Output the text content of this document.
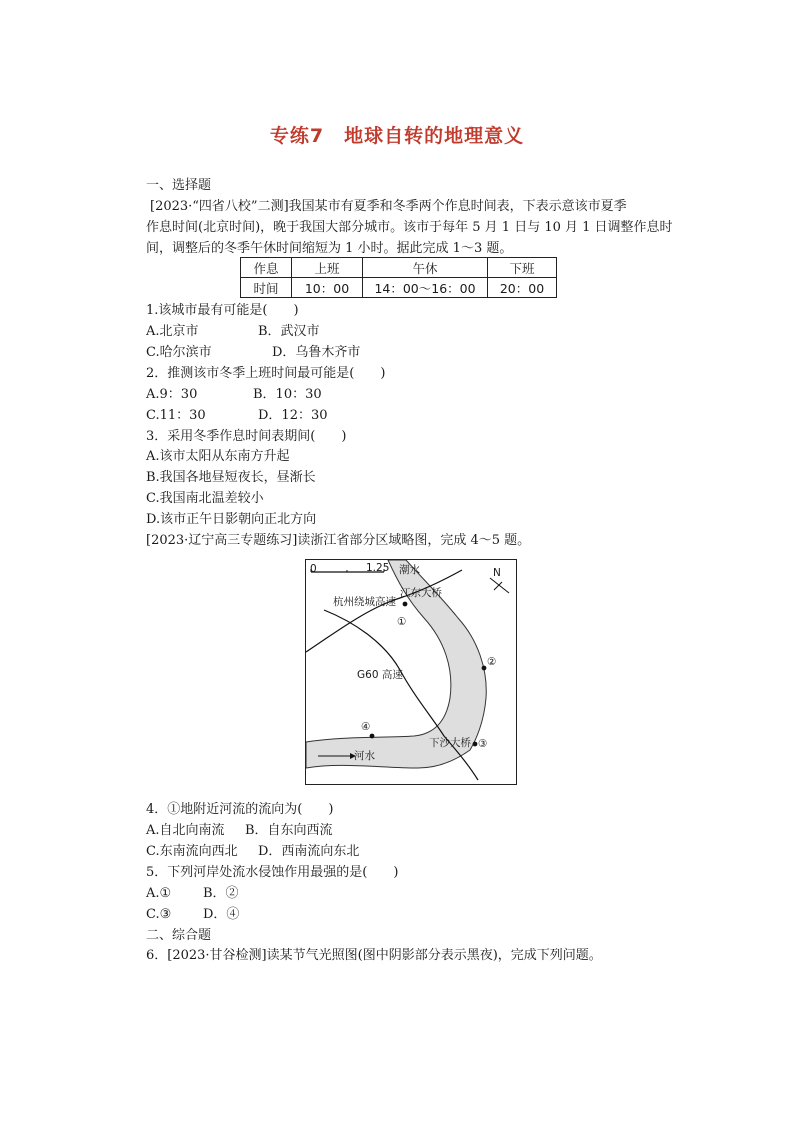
专练7　地球自转的地理意义
一、选择题
[2023·“四省八校”二测]我国某市有夏季和冬季两个作息时间表，下表示意该市夏季
作息时间(北京时间)，晚于我国大部分城市。该市于每年 5 月 1 日与 10 月 1 日调整作息时
间，调整后的冬季午休时间缩短为 1 小时。据此完成 1～3 题。
作息	上班	午休	下班
时间	10：00	14：00～16：00	20：00
1.该城市最有可能是(　　)
A.北京市	B．武汉市
C.哈尔滨市	D．乌鲁木齐市
2．推测该市冬季上班时间最可能是(　　)
A.9：30	B．10：30
C.11：30	D．12：30
3．采用冬季作息时间表期间(　　)
A.该市太阳从东南方升起
B.我国各地昼短夜长，昼渐长
C.我国南北温差较小
D.该市正午日影朝向正北方向
[2023·辽宁高三专题练习]读浙江省部分区域略图，完成 4～5 题。
0	1.25	N
潮水
江东大桥
杭州绕城高速
①
②
G60 高速
④
下沙大桥 ③
河水
4．①地附近河流的流向为(　　)
A.自北向南流 B．自东向西流
C.东南流向西北 D．西南流向东北
5．下列河岸处流水侵蚀作用最强的是(　　)
A.① B．②
C.③ D．④
二、综合题
6．[2023·甘谷检测]读某节气光照图(图中阴影部分表示黑夜)，完成下列问题。
